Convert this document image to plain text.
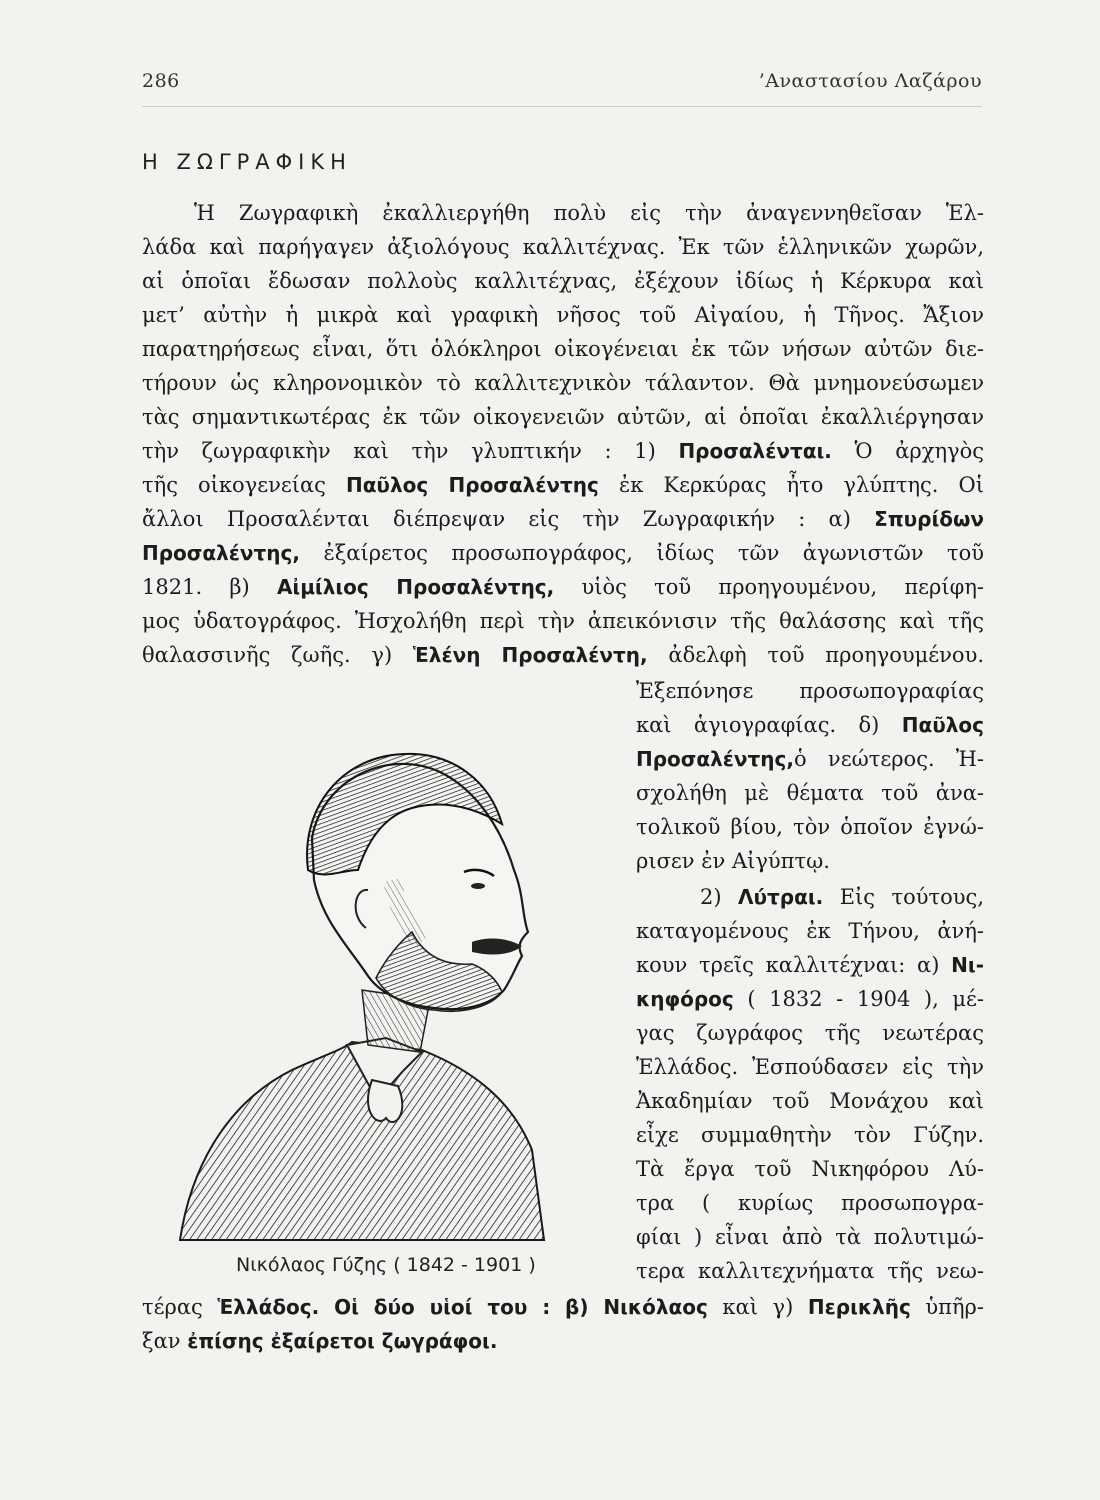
286	’Αναστασίου Λαζάρου
Η ΖΩΓΡΑΦΙΚΗ
Ἡ Ζωγραφικὴ ἐκαλλιεργήθη πολὺ εἰς τὴν ἀναγεννηθεῖσαν Ἑλ-
λάδα καὶ παρήγαγεν ἀξιολόγους καλλιτέχνας. Ἐκ τῶν ἑλληνικῶν χωρῶν,
αἱ ὁποῖαι ἔδωσαν πολλοὺς καλλιτέχνας, ἐξέχουν ἰδίως ἡ Κέρκυρα καὶ
μετ’ αὐτὴν ἡ μικρὰ καὶ γραφικὴ νῆσος τοῦ Αἰγαίου, ἡ Τῆνος. Ἄξιον
παρατηρήσεως εἶναι, ὅτι ὁλόκληροι οἰκογένειαι ἐκ τῶν νήσων αὐτῶν διε-
τήρουν ὡς κληρονομικὸν τὸ καλλιτεχνικὸν τάλαντον. Θὰ μνημονεύσωμεν
τὰς σημαντικωτέρας ἐκ τῶν οἰκογενειῶν αὐτῶν, αἱ ὁποῖαι ἐκαλλιέργησαν
τὴν ζωγραφικὴν καὶ τὴν γλυπτικήν : 1) Προσαλένται. Ὁ ἀρχηγὸς
τῆς οἰκογενείας Παῦλος Προσαλέντης ἐκ Κερκύρας ἦτο γλύπτης. Οἱ
ἄλλοι Προσαλένται διέπρεψαν εἰς τὴν Ζωγραφικήν : α) Σπυρίδων
Προσαλέντης, ἐξαίρετος προσωπογράφος, ἰδίως τῶν ἀγωνιστῶν τοῦ
1821. β) Αἰμίλιος Προσαλέντης, υἱὸς τοῦ προηγουμένου, περίφη-
μος ὑδατογράφος. Ἠσχολήθη περὶ τὴν ἀπεικόνισιν τῆς θαλάσσης καὶ τῆς
θαλασσινῆς ζωῆς. γ) Ἑλένη Προσαλέντη, ἀδελφὴ τοῦ προηγουμένου.
Ἐξεπόνησε προσωπογραφίας
καὶ ἁγιογραφίας. δ) Παῦλος
Προσαλέντης,ὁ νεώτερος. Ἠ-
σχολήθη μὲ θέματα τοῦ ἀνα-
τολικοῦ βίου, τὸν ὁποῖον ἐγνώ-
ρισεν ἐν Αἰγύπτῳ.
2) Λύτραι. Εἰς τούτους,
καταγομένους ἐκ Τήνου, ἀνή-
κουν τρεῖς καλλιτέχναι: α) Νι-
κηφόρος ( 1832 - 1904 ), μέ-
γας ζωγράφος τῆς νεωτέρας
Ἑλλάδος. Ἐσπούδασεν εἰς τὴν
Ἀκαδημίαν τοῦ Μονάχου καὶ
εἶχε συμμαθητὴν τὸν Γύζην.
Τὰ ἔργα τοῦ Νικηφόρου Λύ-
τρα ( κυρίως προσωπογρα-
φίαι ) εἶναι ἀπὸ τὰ πολυτιμώ-
τερα καλλιτεχνήματα τῆς νεω-
τέρας Ἑλλάδος. Οἱ δύο υἱοί του : β) Νικόλαος καὶ γ) Περικλῆς ὑπῆρ-
ξαν ἐπίσης ἐξαίρετοι ζωγράφοι.
Νικόλαος Γύζης ( 1842 - 1901 )
